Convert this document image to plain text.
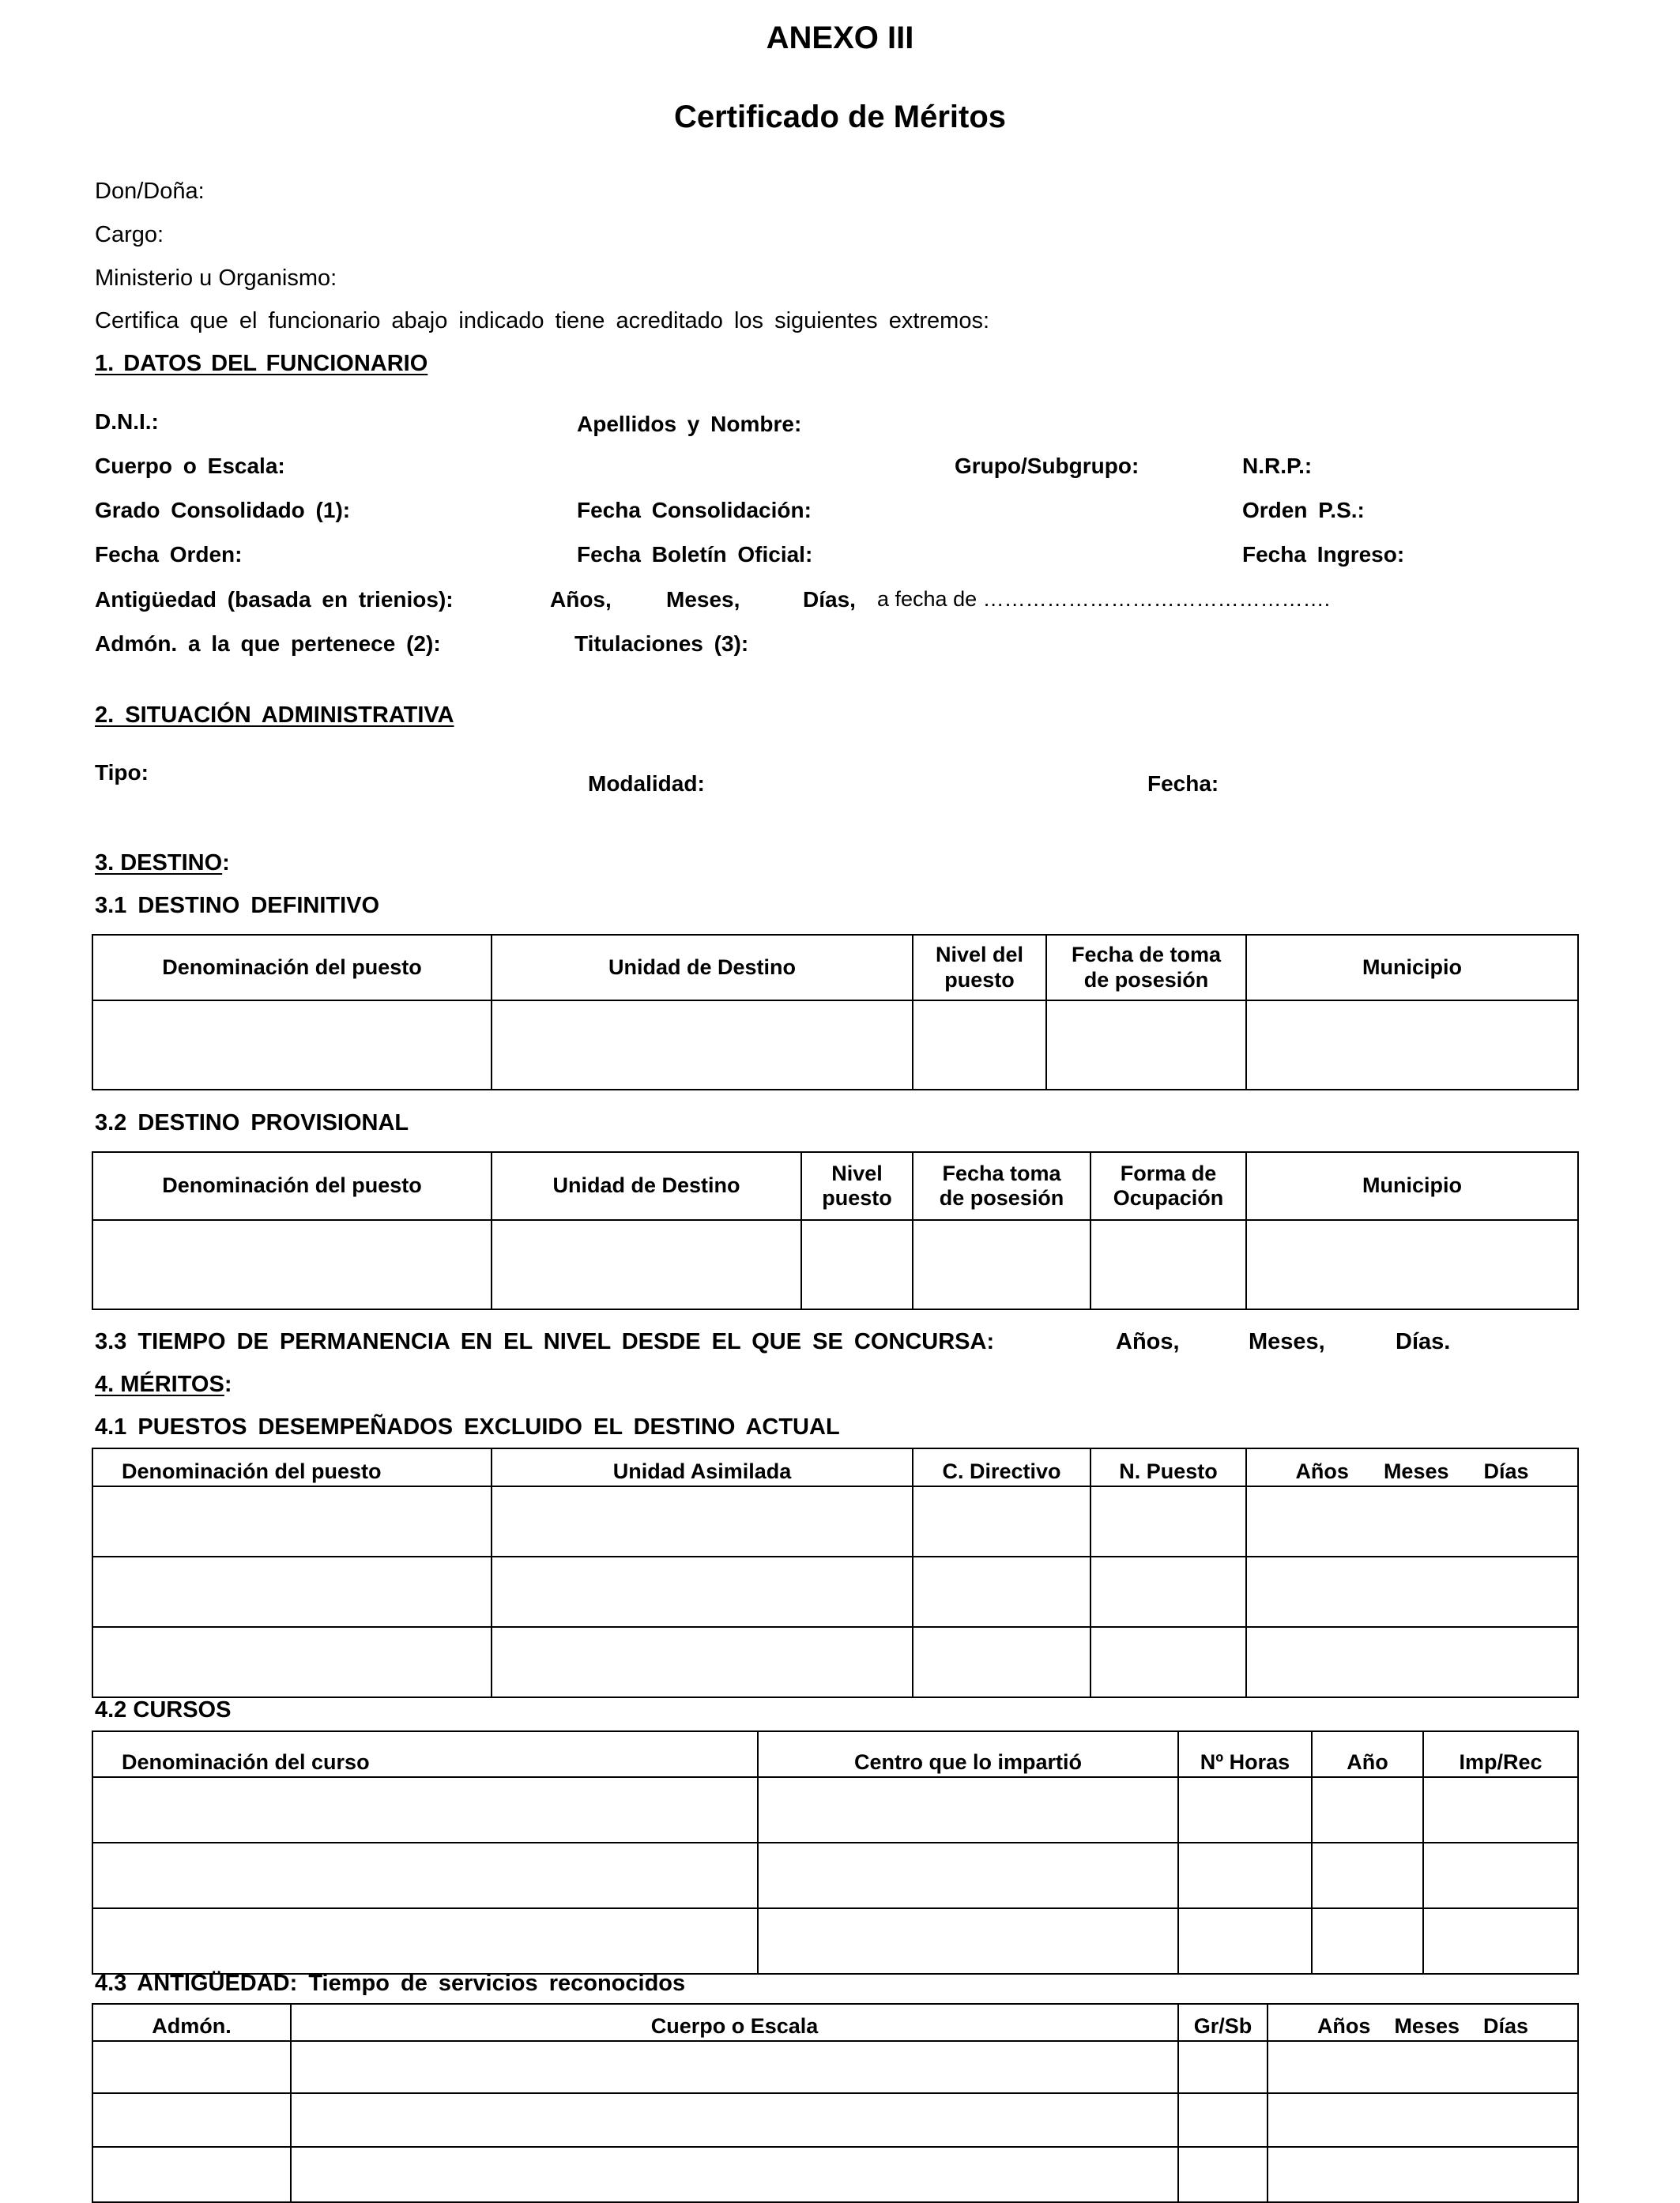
ANEXO III
Certificado de Méritos
Don/Doña:
Cargo:
Ministerio u Organismo:
Certifica que el funcionario abajo indicado tiene acreditado los siguientes extremos:
1. DATOS DEL FUNCIONARIO
D.N.I.:	Apellidos y Nombre:
Cuerpo o Escala:	Grupo/Subgrupo:	N.R.P.:
Grado Consolidado (1):	Fecha Consolidación:	Orden P.S.:
Fecha Orden:	Fecha Boletín Oficial:	Fecha Ingreso:
Antigüedad (basada en trienios):	Años, Meses,	Días, a fecha de ………………………………………….
Admón. a la que pertenece (2):	Titulaciones (3):
2. SITUACIÓN ADMINISTRATIVA
Tipo:	Modalidad:	Fecha:
3. DESTINO:
3.1 DESTINO DEFINITIVO
Denominación del puesto	Unidad de Destino	Nivel del puesto	Fecha de toma de posesión	Municipio

3.2 DESTINO PROVISIONAL
Denominación del puesto	Unidad de Destino	Nivel puesto	Fecha toma de posesión	Forma de Ocupación	Municipio

3.3 TIEMPO DE PERMANENCIA EN EL NIVEL DESDE EL QUE SE CONCURSA:	Años,	Meses,	Días.
4. MÉRITOS:
4.1 PUESTOS DESEMPEÑADOS EXCLUIDO EL DESTINO ACTUAL
Denominación del puesto	Unidad Asimilada	C. Directivo	N. Puesto	Años Meses Días

4.2 CURSOS
Denominación del curso	Centro que lo impartió	Nº Horas	Año	Imp/Rec

4.3 ANTIGÜEDAD: Tiempo de servicios reconocidos
Admón.	Cuerpo o Escala	Gr/Sb	Años Meses Días
